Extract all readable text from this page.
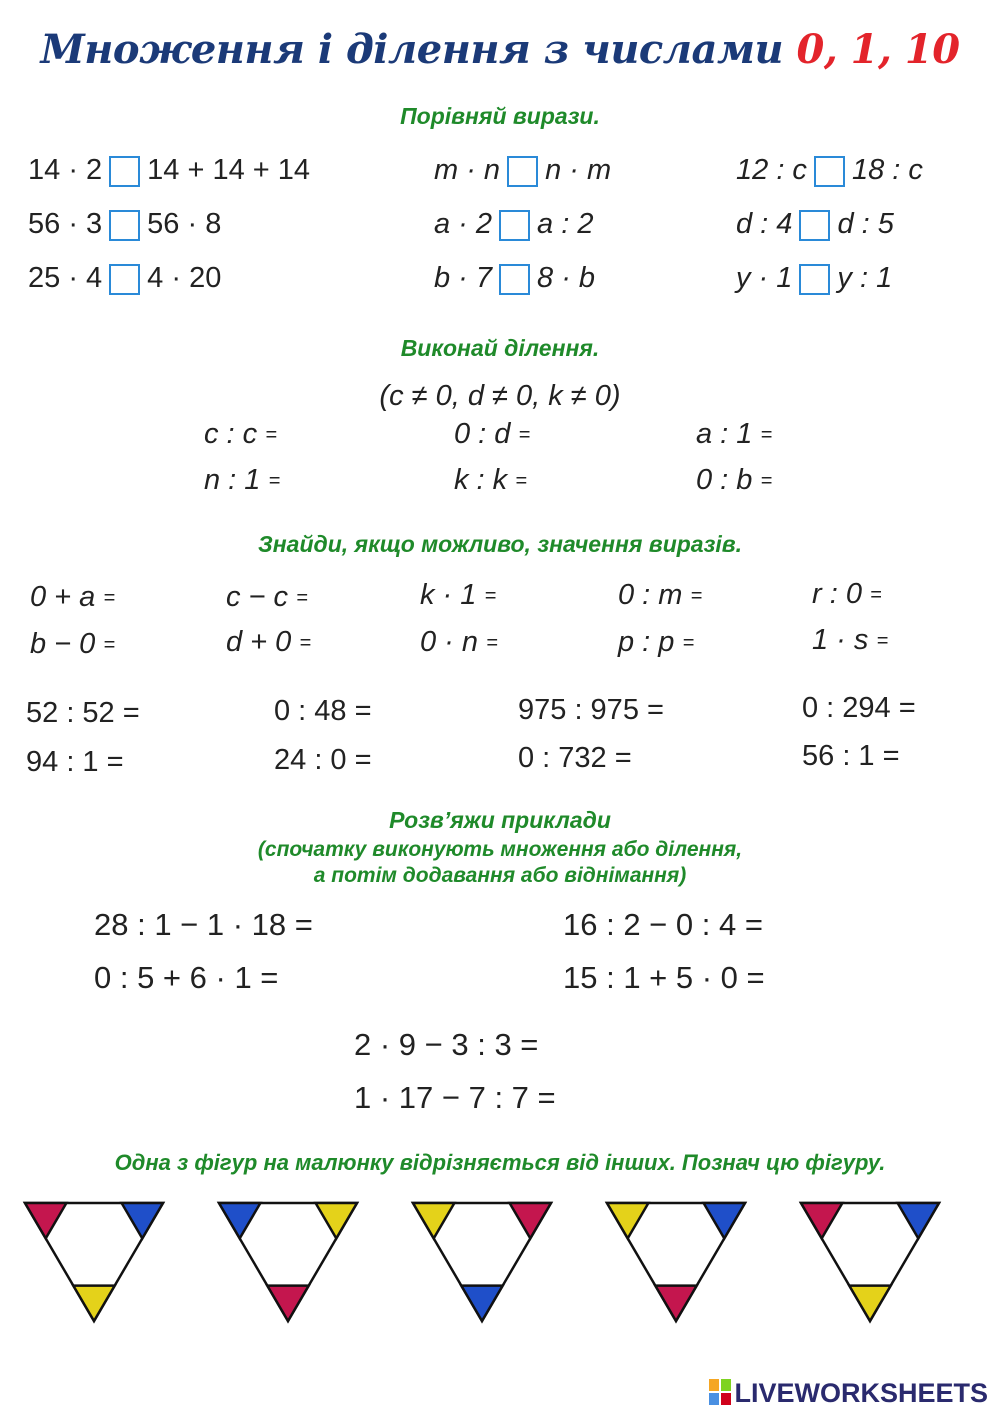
Множення і ділення з числами 0, 1, 10
Порівняй вирази.
14 · 2 14 + 14 + 14
56 · 3 56 · 8
25 · 4 4 · 20
m · n n · m
a · 2 a : 2
b · 7 8 · b
12 : c 18 : c
d : 4 d : 5
y · 1 y : 1
Виконай ділення.
(c ≠ 0, d ≠ 0, k ≠ 0)
c : c =	0 : d =	a : 1 =
n : 1 =	k : k =	0 : b =
Знайди, якщо можливо, значення виразів.
0 + a =	c − c =	k · 1 =	0 : m =	r : 0 =
b − 0 =	d + 0 =	0 · n =	p : p =	1 · s =
52 : 52 =	0 : 48 =	975 : 975 =	0 : 294 =
94 : 1 =	24 : 0 =	0 : 732 =	56 : 1 =
Розв’яжи приклади
(спочатку виконують множення або ділення,
а потім додавання або віднімання)
28 : 1 − 1 · 18 =	16 : 2 − 0 : 4 =
0 : 5 + 6 · 1 =	15 : 1 + 5 · 0 =
2 · 9 − 3 : 3 =
1 · 17 − 7 : 7 =
Одна з фігур на малюнку відрізняється від інших. Познач цю фігуру.
LIVEWORKSHEETS
